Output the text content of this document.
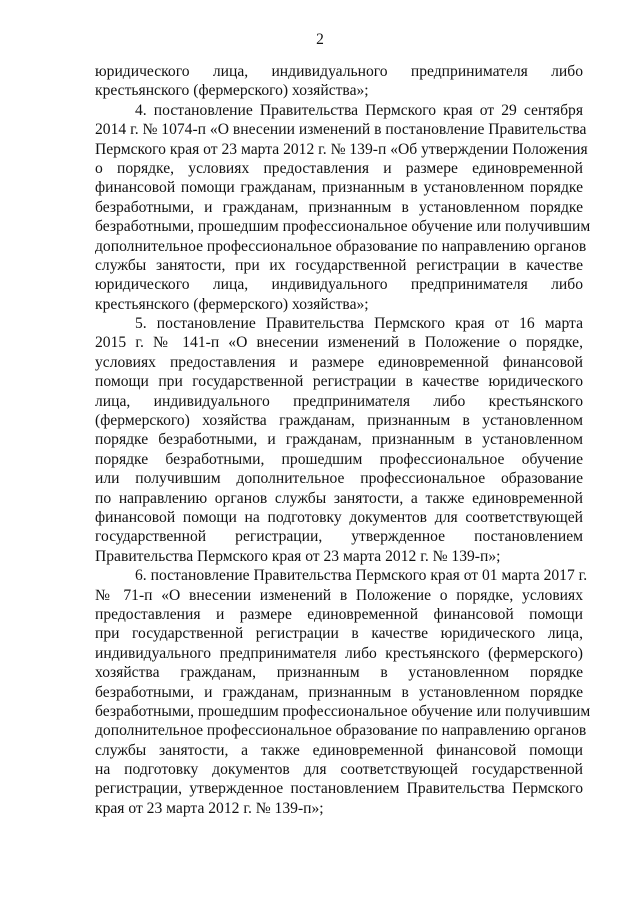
2
юридического лица, индивидуального предпринимателя либо
крестьянского (фермерского) хозяйства»;
4. постановление Правительства Пермского края от 29 сентября
2014 г. № 1074-п «О внесении изменений в постановление Правительства
Пермского края от 23 марта 2012 г. № 139-п «Об утверждении Положения
о порядке, условиях предоставления и размере единовременной
финансовой помощи гражданам, признанным в установленном порядке
безработными, и гражданам, признанным в установленном порядке
безработными, прошедшим профессиональное обучение или получившим
дополнительное профессиональное образование по направлению органов
службы занятости, при их государственной регистрации в качестве
юридического лица, индивидуального предпринимателя либо
крестьянского (фермерского) хозяйства»;
5. постановление Правительства Пермского края от 16 марта
2015 г. № 141-п «О внесении изменений в Положение о порядке,
условиях предоставления и размере единовременной финансовой
помощи при государственной регистрации в качестве юридического
лица, индивидуального предпринимателя либо крестьянского
(фермерского) хозяйства гражданам, признанным в установленном
порядке безработными, и гражданам, признанным в установленном
порядке безработными, прошедшим профессиональное обучение
или получившим дополнительное профессиональное образование
по направлению органов службы занятости, а также единовременной
финансовой помощи на подготовку документов для соответствующей
государственной регистрации, утвержденное постановлением
Правительства Пермского края от 23 марта 2012 г. № 139-п»;
6. постановление Правительства Пермского края от 01 марта 2017 г.
№ 71-п «О внесении изменений в Положение о порядке, условиях
предоставления и размере единовременной финансовой помощи
при государственной регистрации в качестве юридического лица,
индивидуального предпринимателя либо крестьянского (фермерского)
хозяйства гражданам, признанным в установленном порядке
безработными, и гражданам, признанным в установленном порядке
безработными, прошедшим профессиональное обучение или получившим
дополнительное профессиональное образование по направлению органов
службы занятости, а также единовременной финансовой помощи
на подготовку документов для соответствующей государственной
регистрации, утвержденное постановлением Правительства Пермского
края от 23 марта 2012 г. № 139-п»;
